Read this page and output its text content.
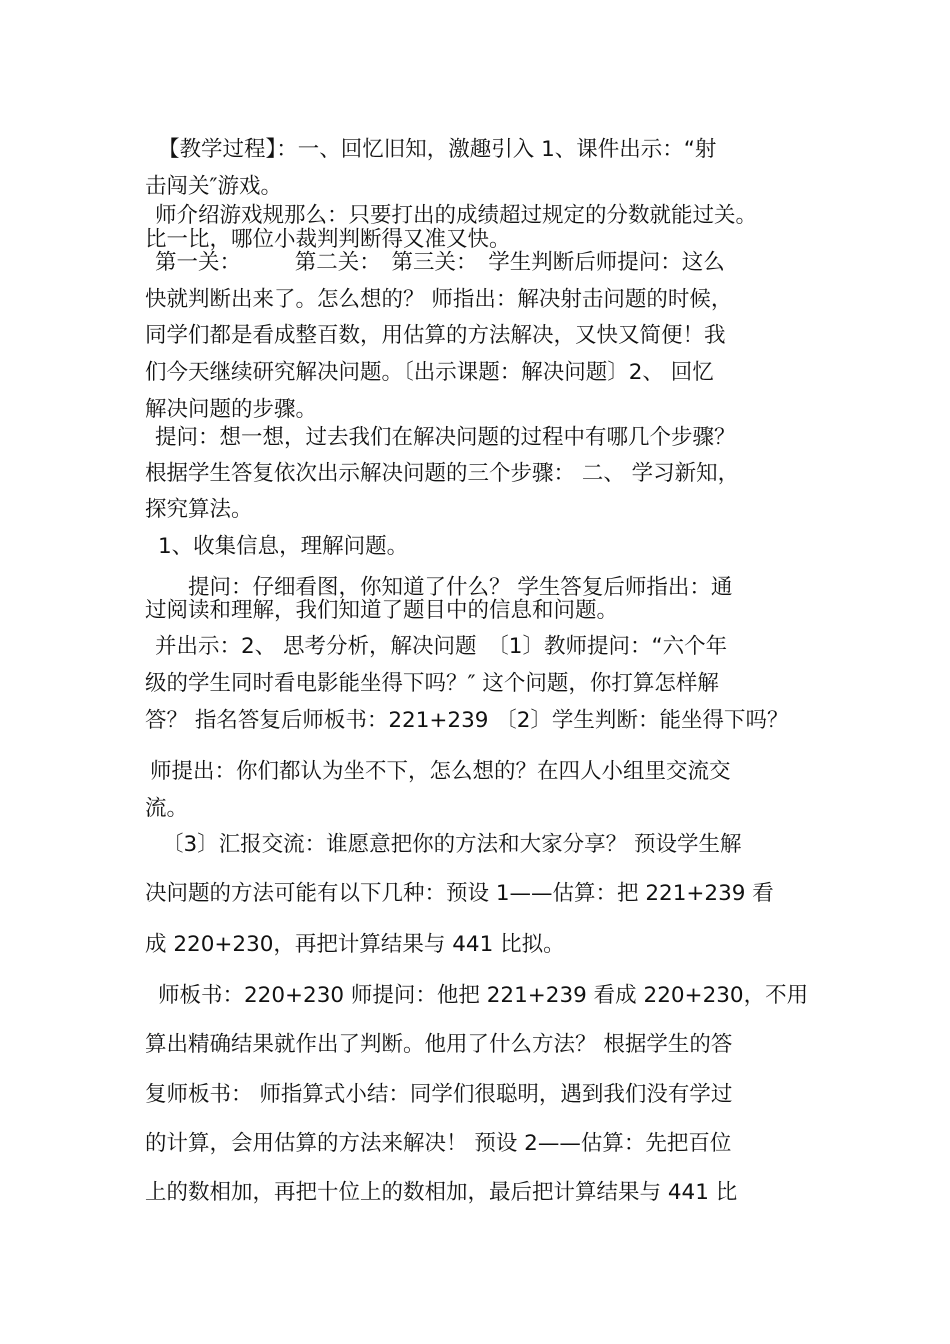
【教学过程】：一、回忆旧知，激趣引入 1、课件出示：“射

击闯关″游戏。

师介绍游戏规那么：只要打出的成绩超过规定的分数就能过关。

比一比，哪位小裁判判断得又准又快。

第一关：　　　第二关：　第三关：　学生判断后师提问：这么

快就判断出来了。怎么想的？ 师指出：解决射击问题的时候，

同学们都是看成整百数，用估算的方法解决，又快又简便！我

们今天继续研究解决问题。〔出示课题：解决问题〕2、 回忆

解决问题的步骤。

提问：想一想，过去我们在解决问题的过程中有哪几个步骤？

根据学生答复依次出示解决问题的三个步骤： 二、 学习新知，

探究算法。

1、收集信息，理解问题。

提问：仔细看图，你知道了什么？ 学生答复后师指出：通

过阅读和理解，我们知道了题目中的信息和问题。

并出示：2、 思考分析，解决问题　〔1〕教师提问：“六个年

级的学生同时看电影能坐得下吗？″ 这个问题，你打算怎样解

答？ 指名答复后师板书：221+239 〔2〕学生判断：能坐得下吗？

师提出：你们都认为坐不下，怎么想的？在四人小组里交流交

流。

〔3〕汇报交流：谁愿意把你的方法和大家分享？ 预设学生解

决问题的方法可能有以下几种：预设 1——估算：把 221+239 看

成 220+230，再把计算结果与 441 比拟。

师板书：220+230 师提问：他把 221+239 看成 220+230，不用

算出精确结果就作出了判断。他用了什么方法？ 根据学生的答

复师板书： 师指算式小结：同学们很聪明，遇到我们没有学过

的计算，会用估算的方法来解决！ 预设 2——估算：先把百位

上的数相加，再把十位上的数相加，最后把计算结果与 441 比
